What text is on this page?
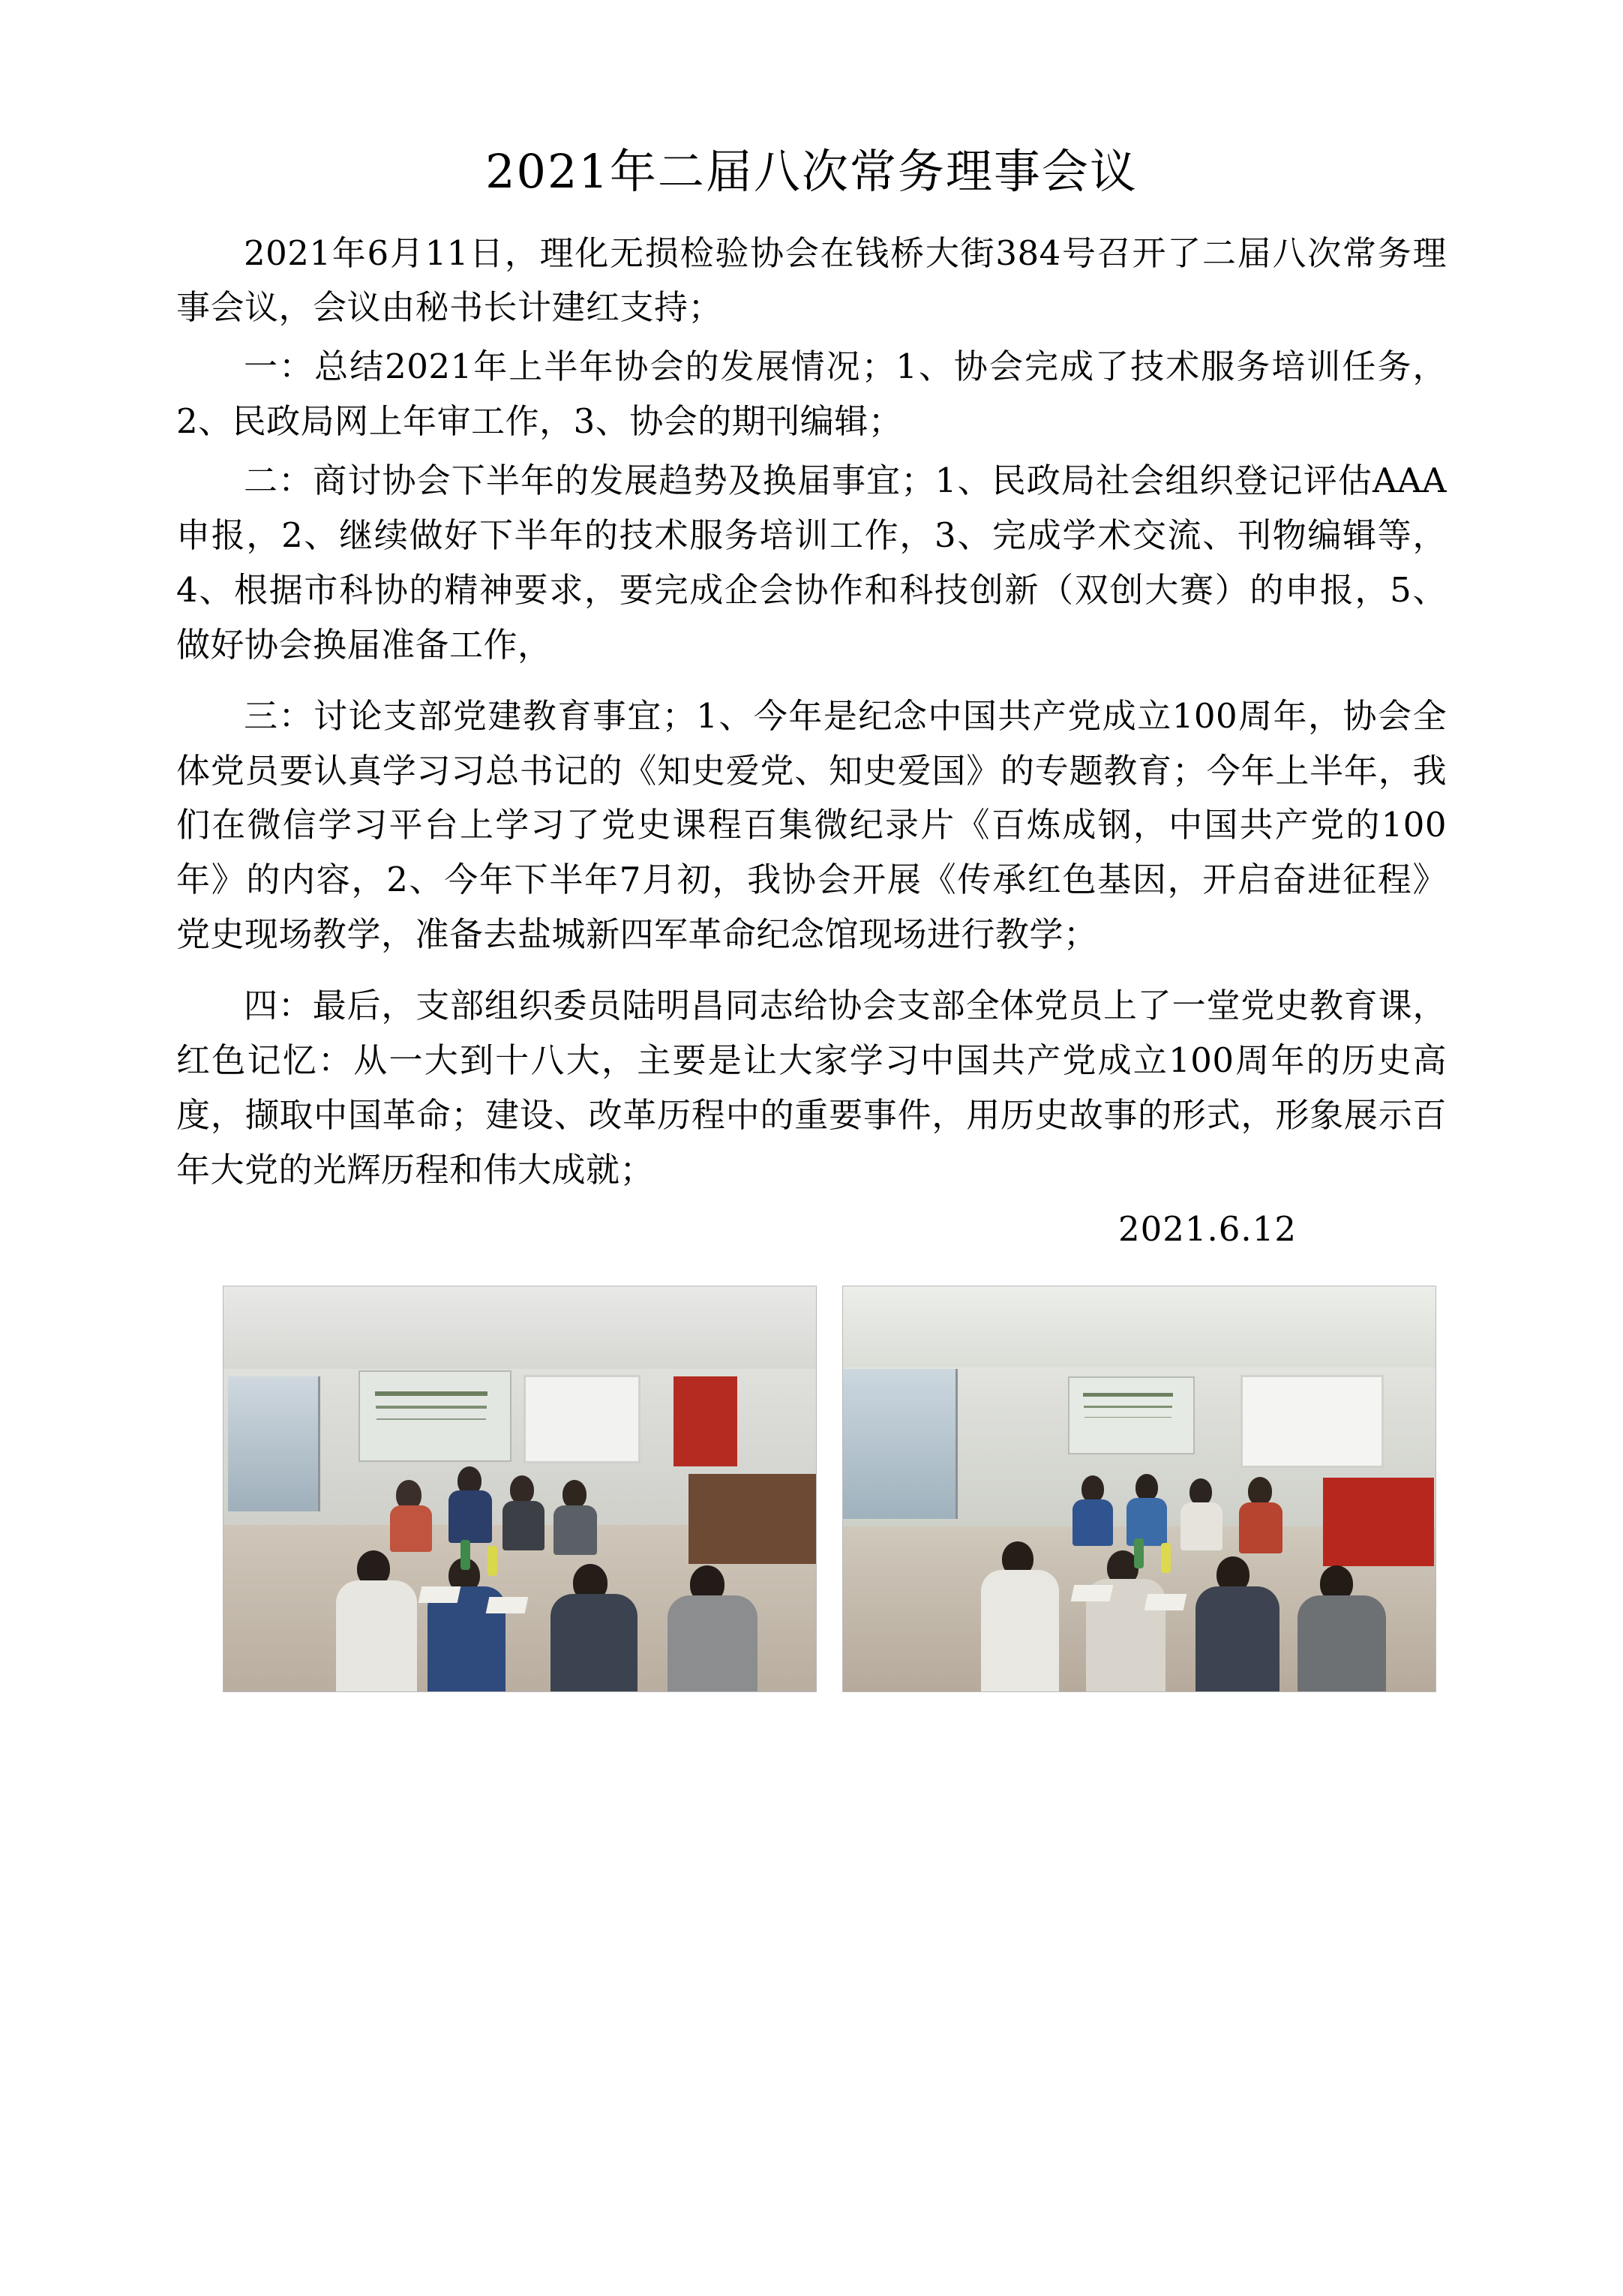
2021年二届八次常务理事会议

2021年6月11日，理化无损检验协会在钱桥大街384号召开了二届八次常务理事会议，会议由秘书长计建红支持；

一：总结2021年上半年协会的发展情况；1、协会完成了技术服务培训任务，2、民政局网上年审工作，3、协会的期刊编辑；

二：商讨协会下半年的发展趋势及换届事宜；1、民政局社会组织登记评估AAA申报，2、继续做好下半年的技术服务培训工作，3、完成学术交流、刊物编辑等，4、根据市科协的精神要求，要完成企会协作和科技创新（双创大赛）的申报，5、做好协会换届准备工作，

三：讨论支部党建教育事宜；1、今年是纪念中国共产党成立100周年，协会全体党员要认真学习习总书记的《知史爱党、知史爱国》的专题教育；今年上半年，我们在微信学习平台上学习了党史课程百集微纪录片《百炼成钢，中国共产党的100年》的内容，2、今年下半年7月初，我协会开展《传承红色基因，开启奋进征程》党史现场教学，准备去盐城新四军革命纪念馆现场进行教学；

四：最后，支部组织委员陆明昌同志给协会支部全体党员上了一堂党史教育课，红色记忆：从一大到十八大，主要是让大家学习中国共产党成立100周年的历史高度，撷取中国革命；建设、改革历程中的重要事件，用历史故事的形式，形象展示百年大党的光辉历程和伟大成就；

2021.6.12
